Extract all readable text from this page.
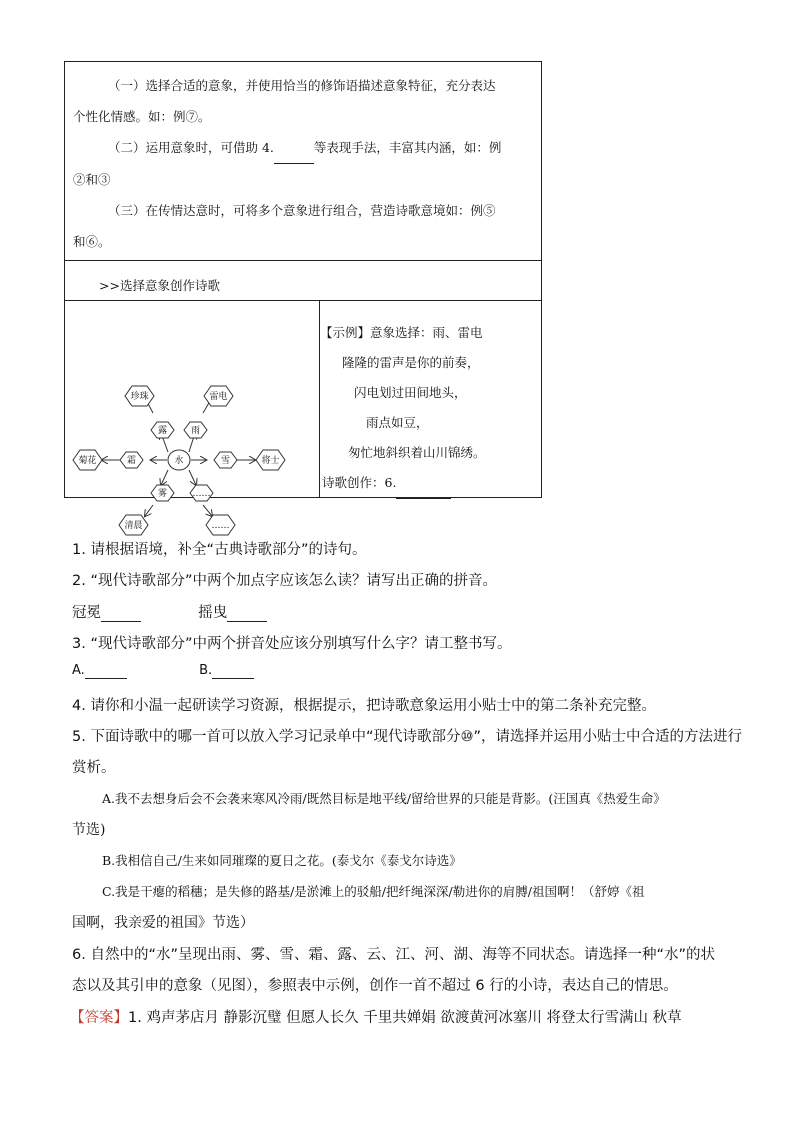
（一）选择合适的意象，并使用恰当的修饰语描述意象特征，充分表达

个性化情感。如：例⑦。

（二）运用意象时，可借助 4.	等表现手法，丰富其内涵，如：例

②和③

（三）在传情达意时，可将多个意象进行组合，营造诗歌意境如：例⑤

和⑥。

>>选择意象创作诗歌
水
珍珠
露
雷电
雨
菊花	霜	雪	将士
雾
清晨
……
……
【示例】意象选择：雨、雷电
隆隆的雷声是你的前奏，
闪电划过田间地头，
雨点如豆，
匆忙地斜织着山川锦绣。
诗歌创作：6.
1. 请根据语境，补全“古典诗歌部分”的诗句。
2. “现代诗歌部分”中两个加点字应该怎么读？请写出正确的拼音。
冠冕	摇曳
3. “现代诗歌部分”中两个拼音处应该分别填写什么字？请工整书写。
A.	B.
4. 请你和小温一起研读学习资源，根据提示，把诗歌意象运用小贴士中的第二条补充完整。
5. 下面诗歌中的哪一首可以放入学习记录单中“现代诗歌部分⑩”，请选择并运用小贴士中合适的方法进行
赏析。
A.我不去想身后会不会袭来寒风冷雨/既然目标是地平线/留给世界的只能是背影。(汪国真《热爱生命》
节选)
B.我相信自己/生来如同璀璨的夏日之花。(泰戈尔《泰戈尔诗选》
C.我是干瘪的稻穗；是失修的路基/是淤滩上的驳船/把纤绳深深/勒进你的肩膊/祖国啊！（舒婷《祖
国啊，我亲爱的祖国》节选）
6. 自然中的“水”呈现出雨、雾、雪、霜、露、云、江、河、湖、海等不同状态。请选择一种“水”的状
态以及其引申的意象（见图），参照表中示例，创作一首不超过 6 行的小诗，表达自己的情思。
【答案】1. 鸡声茅店月 静影沉璧 但愿人长久 千里共婵娟 欲渡黄河冰塞川 将登太行雪满山 秋草
